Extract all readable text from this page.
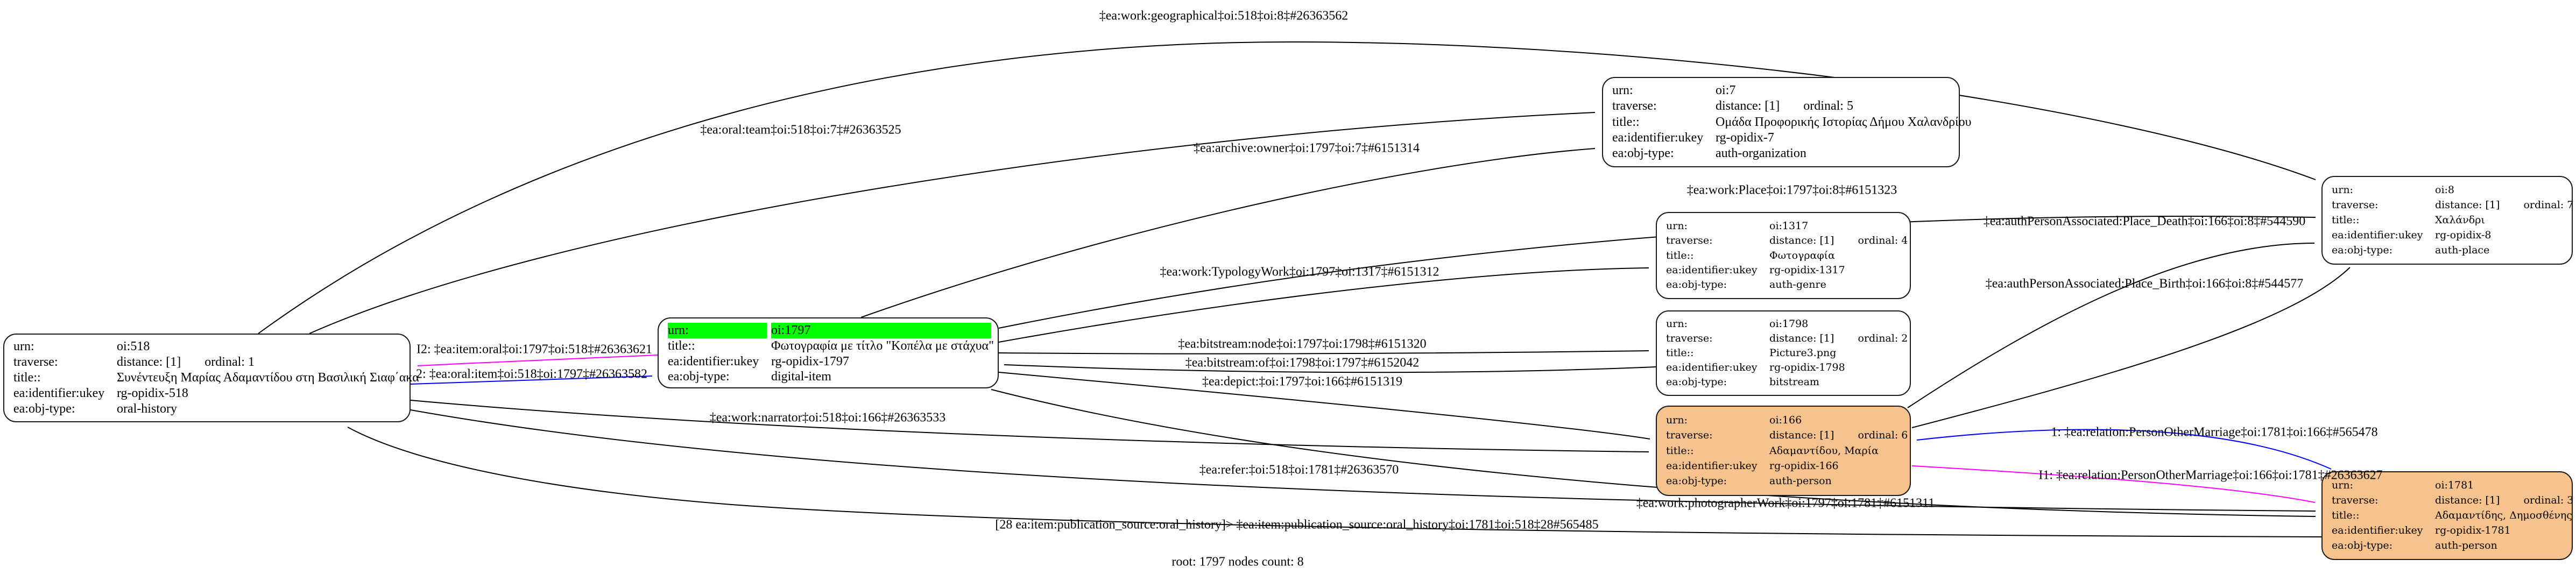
urn:	oi:518
traverse:	distance: [1] ordinal: 1
title::	Συνέντευξη Μαρίας Αδαμαντίδου στη Βασιλική Σιαφ΄ακα
ea:identifier:ukey rg-opidix-518
ea:obj-type:	oral-history
urn:	oi:1797
title::	Φωτογραφία με τίτλο "Κοπέλα με στάχυα"
ea:identifier:ukey rg-opidix-1797
ea:obj-type:	digital-item
urn:	oi:7
traverse:	distance: [1] ordinal: 5
title::	Ομάδα Προφορικής Ιστορίας Δήμου Χαλανδρίου
ea:identifier:ukey rg-opidix-7
ea:obj-type:	auth-organization
urn:	oi:1317
traverse:	distance: [1] ordinal: 4
title::	Φωτογραφία
ea:identifier:ukey	rg-opidix-1317
ea:obj-type:	auth-genre
urn:	oi:1798
traverse:	distance: [1] ordinal: 2
title::	Picture3.png
ea:identifier:ukey	rg-opidix-1798
ea:obj-type:	bitstream
urn:	oi:166
traverse:	distance: [1] ordinal: 6
title::	Αδαμαντίδου, Μαρία
ea:identifier:ukey	rg-opidix-166
ea:obj-type:	auth-person
urn:	oi:8
traverse:	distance: [1] ordinal: 7
title::	Χαλάνδρι
ea:identifier:ukey	rg-opidix-8
ea:obj-type:	auth-place
urn:	oi:1781
traverse:	distance: [1] ordinal: 3
title::	Αδαμαντίδης, Δημοσθένης
ea:identifier:ukey	rg-opidix-1781
ea:obj-type:	auth-person
‡ea:work:geographical‡oi:518‡oi:8‡#26363562
‡ea:oral:team‡oi:518‡oi:7‡#26363525
‡ea:archive:owner‡oi:1797‡oi:7‡#6151314
‡ea:work:Place‡oi:1797‡oi:8‡#6151323
‡ea:authPersonAssociated:Place_Death‡oi:166‡oi:8‡#544590
‡ea:work:TypologyWork‡oi:1797‡oi:1317‡#6151312
‡ea:authPersonAssociated:Place_Birth‡oi:166‡oi:8‡#544577
I2: ‡ea:item:oral‡oi:1797‡oi:518‡#26363621
2: ‡ea:oral:item‡oi:518‡oi:1797‡#26363582
‡ea:bitstream:node‡oi:1797‡oi:1798‡#6151320
‡ea:bitstream:of‡oi:1798‡oi:1797‡#6152042
‡ea:depict:‡oi:1797‡oi:166‡#6151319
‡ea:work:narrator‡oi:518‡oi:166‡#26363533
1: ‡ea:relation:PersonOtherMarriage‡oi:1781‡oi:166‡#565478
I1: ‡ea:relation:PersonOtherMarriage‡oi:166‡oi:1781‡#26363627
‡ea:refer:‡oi:518‡oi:1781‡#26363570
‡ea:work:photographerWork‡oi:1797‡oi:1781‡#6151311
[28 ea:item:publication_source:oral_history]> ‡ea:item:publication_source:oral_history‡oi:1781‡oi:518‡28#565485
root: 1797 nodes count: 8
